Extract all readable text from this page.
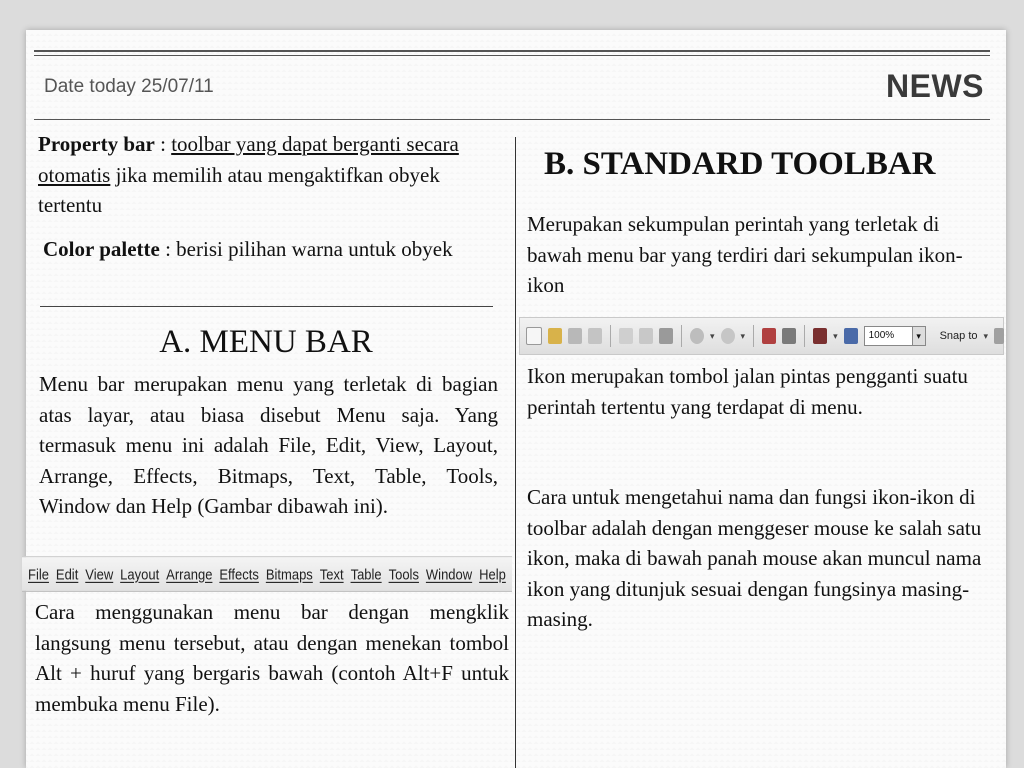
Date today 25/07/11	NEWS
Property bar : toolbar yang dapat berganti secara otomatis jika memilih atau mengaktifkan obyek tertentu
Color palette : berisi pilihan warna untuk obyek
A. MENU BAR
Menu bar merupakan menu yang terletak di bagian atas layar, atau biasa disebut Menu saja. Yang termasuk menu ini adalah File, Edit, View, Layout, Arrange, Effects, Bitmaps, Text, Table, Tools, Window dan Help (Gambar dibawah ini).
File Edit View Layout Arrange Effects Bitmaps Text Table Tools Window Help
Cara menggunakan menu bar dengan mengklik langsung menu tersebut, atau dengan menekan tombol Alt + huruf yang bergaris bawah (contoh Alt+F untuk membuka menu File).
B. STANDARD TOOLBAR
Merupakan sekumpulan perintah yang terletak di bawah menu bar yang terdiri dari sekumpulan ikon-ikon
▾	▾	▾	100% ▾	Snap to ▾
Ikon merupakan tombol jalan pintas pengganti suatu perintah tertentu yang terdapat di menu.
Cara untuk mengetahui nama dan fungsi ikon-ikon di toolbar adalah dengan menggeser mouse ke salah satu ikon, maka di bawah panah mouse akan muncul nama ikon yang ditunjuk sesuai dengan fungsinya masing-masing.
